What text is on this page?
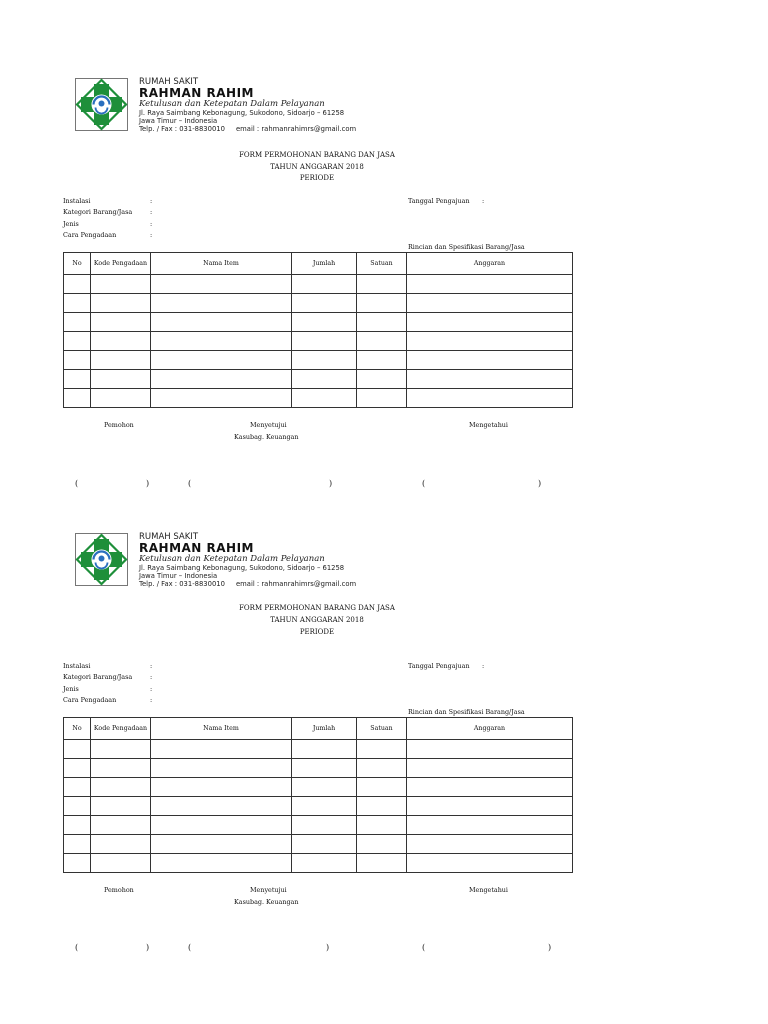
RUMAH SAKIT
RAHMAN RAHIM
Ketulusan dan Ketepatan Dalam Pelayanan
Jl. Raya Saimbang Kebonagung, Sukodono, Sidoarjo – 61258
Jawa Timur – Indonesia
Telp. / Fax : 031-8830010 email : rahmanrahimrs@gmail.com
FORM PERMOHONAN BARANG DAN JASA
TAHUN ANGGARAN 2018
PERIODE
Instalasi	:
Kategori Barang/Jasa	:
Jenis	:
Cara Pengadaan	:
Tanggal Pengajuan :
Rincian dan Spesifikasi Barang/Jasa
No	Kode Pengadaan	Nama Item	Jumlah	Satuan	Anggaran

Pemohon	Menyetujui
Kasubag. Keuangan
Mengetahui
(	)	(	)	(	)
RUMAH SAKIT
RAHMAN RAHIM
Ketulusan dan Ketepatan Dalam Pelayanan
Jl. Raya Saimbang Kebonagung, Sukodono, Sidoarjo – 61258
Jawa Timur – Indonesia
Telp. / Fax : 031-8830010 email : rahmanrahimrs@gmail.com
FORM PERMOHONAN BARANG DAN JASA
TAHUN ANGGARAN 2018
PERIODE
Instalasi	:
Kategori Barang/Jasa	:
Jenis	:
Cara Pengadaan	:
Tanggal Pengajuan :
Rincian dan Spesifikasi Barang/Jasa
No	Kode Pengadaan	Nama Item	Jumlah	Satuan	Anggaran

Pemohon	Menyetujui
Kasubag. Keuangan
Mengetahui
(	)	(	)	(	)
